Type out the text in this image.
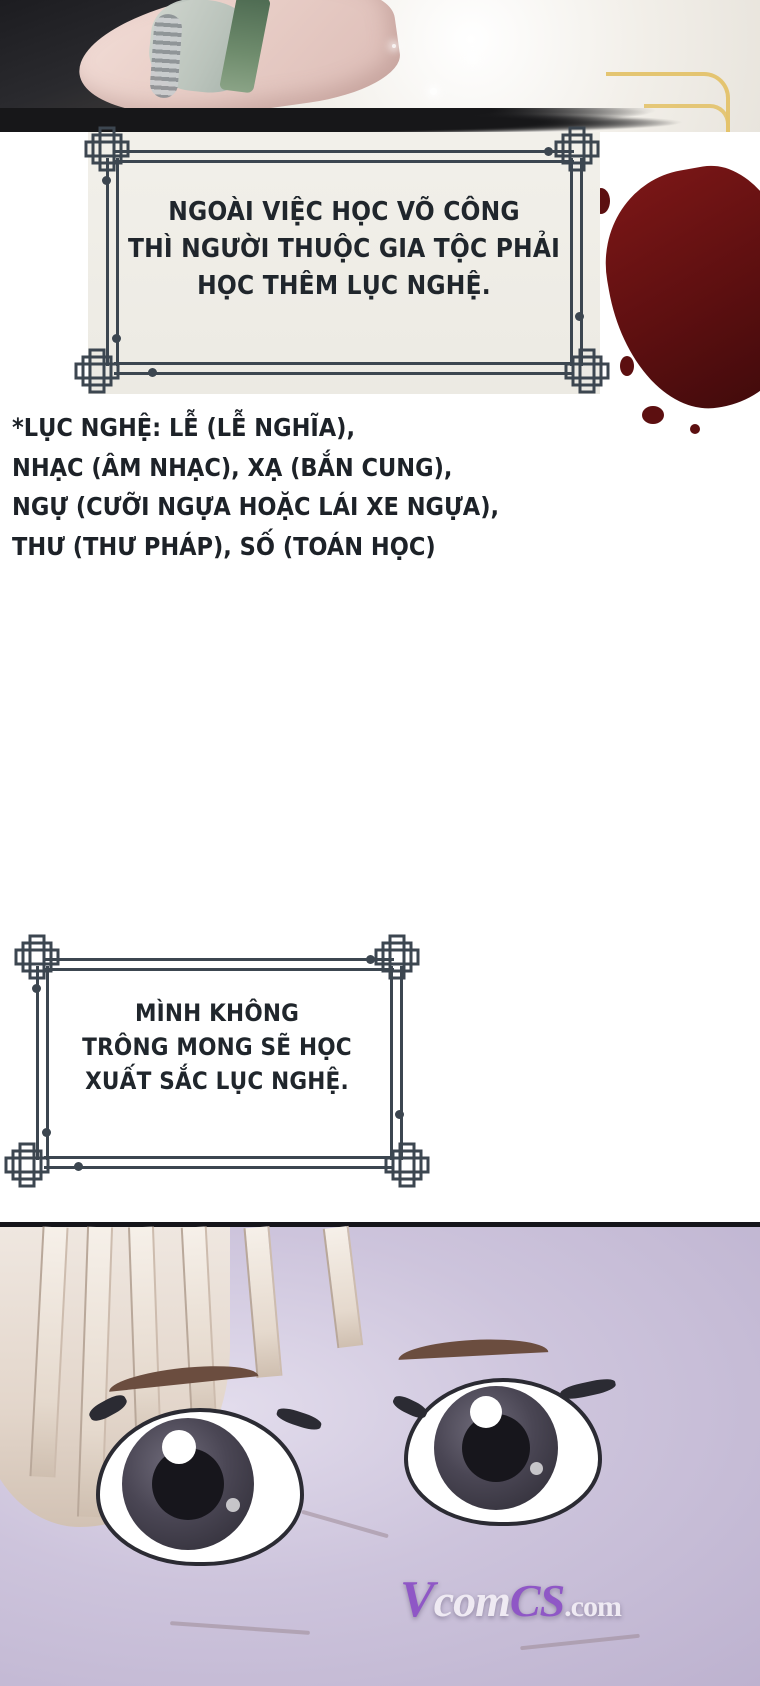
NGOÀI VIỆC HỌC VÕ CÔNG
THÌ NGƯỜI THUỘC GIA TỘC PHẢI
HỌC THÊM LỤC NGHỆ.
*LỤC NGHỆ: LỄ (LỄ NGHĨA),
NHẠC (ÂM NHẠC), XẠ (BẮN CUNG),
NGỰ (CƯỠI NGỰA HOẶC LÁI XE NGỰA),
THƯ (THƯ PHÁP), SỐ (TOÁN HỌC)
MÌNH KHÔNG
TRÔNG MONG SẼ HỌC
XUẤT SẮC LỤC NGHỆ.
VcomCS.com
